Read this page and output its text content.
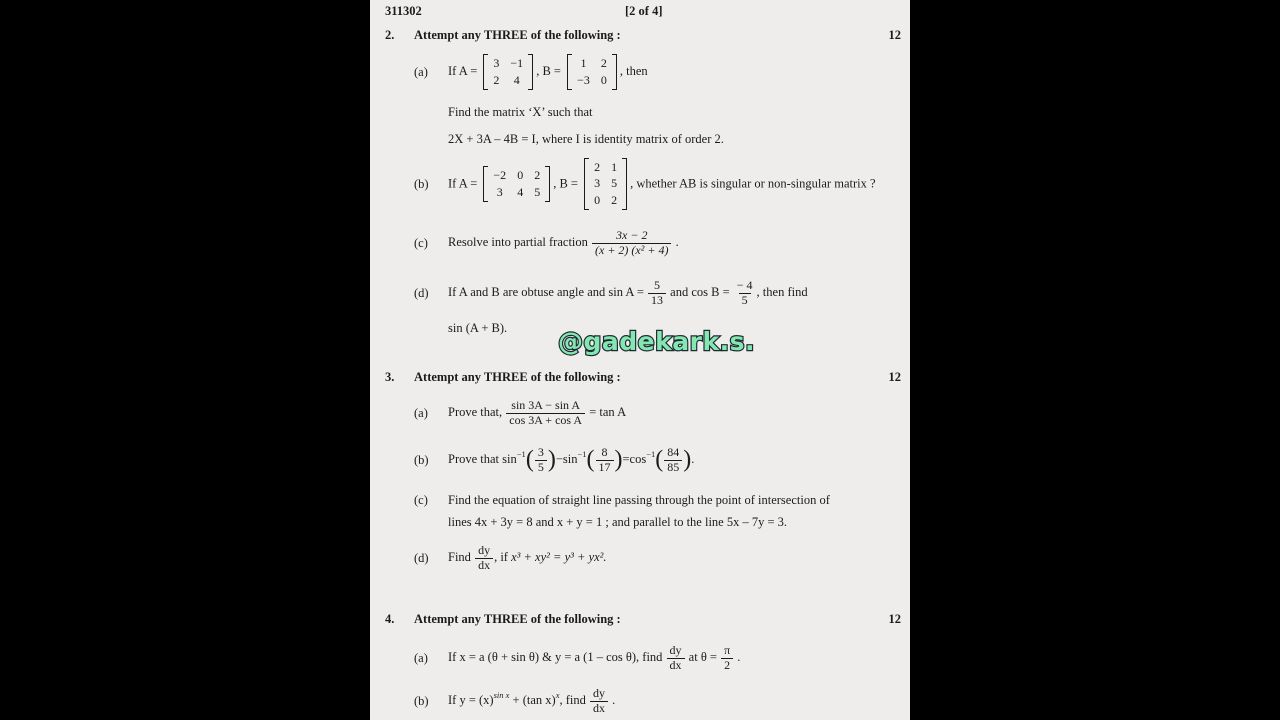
311302	[2 of 4]
2. Attempt any THREE of the following :	12
(a)	If A =
3 −1
2 4
, B =
1 2
−3 0
, then
Find the matrix ‘X’ such that
2X + 3A – 4B = I, where I is identity matrix of order 2.
(b)	If A =
−2 0 2
3 4 5
, B =
2 1
3 5
0 2
, whether AB is singular or non-singular matrix ?
(c)	Resolve into partial fraction $\frac{3x - 2}{\text{(x + 2) (x² + 4)}}$ .
(d)	If A and B are obtuse angle and $\sin A = \frac{5}{13}$ and $\cos B = \frac{- 4}{5}$ , then find
sin (A + B). @gadekark.s.
3. Attempt any THREE of the following :	12
(a)	Prove that, $\frac{\text{sin 3A − sin A}}{\text{cos 3A + cos A}} = \tan A$
(b)	Prove that $\sin^{-1}( \frac{3}{5} )-\sin^{-1}( \frac{8}{17} )=\cos^{-1}( \frac{84}{85}$ ).
(c)	Find the equation of straight line passing through the point of intersection of
lines 4x + 3y = 8 and x + y = 1 ; and parallel to the line 5x – 7y = 3.
(d)	Find $\frac{dy}{dx}$ , if x³ + xy² = y³ + yx².
4. Attempt any THREE of the following :	12
(a)	If x = a (θ + sin θ) & y = a (1 – cos θ), find $\frac{dy}{dx}$ at $\theta = \frac{\pi}{2}$ .
(b)	If $y = (x)^{sin x} + (\tan$ x)$^x$, find $\frac{dy}{dx}$ .
